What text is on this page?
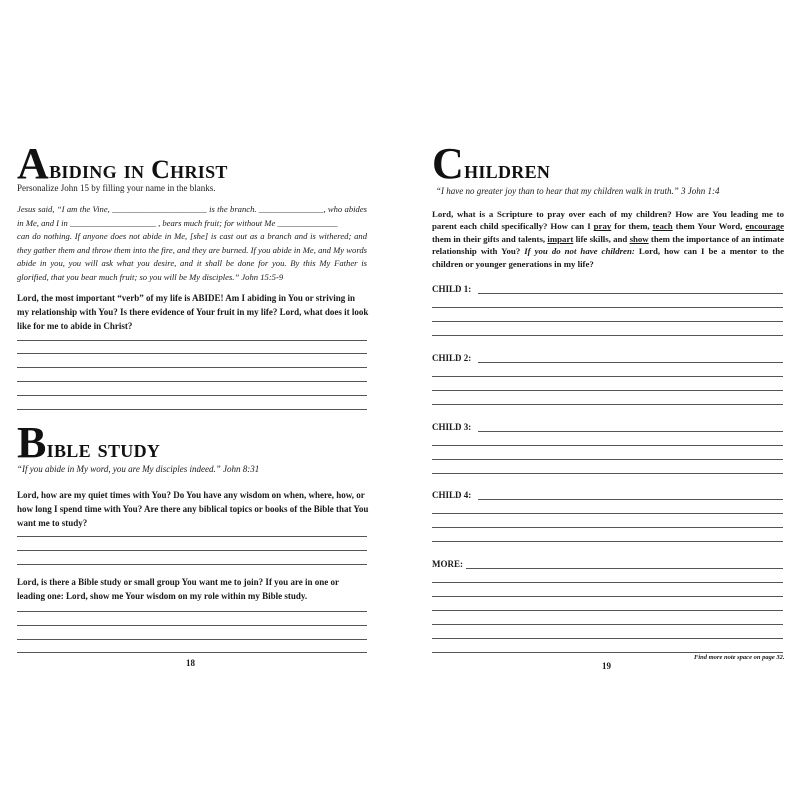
Abiding in Christ

Personalize John 15 by filling your name in the blanks.

Jesus said, “I am the Vine, ______________________ is the branch. _______________, who abides in Me, and I in ____________________ , bears much fruit; for without Me ______________

can do nothing. If anyone does not abide in Me, [she] is cast out as a branch and is withered; and they gather them and throw them into the fire, and they are burned. If you abide in Me, and My words abide in you, you will ask what you desire, and it shall be done for you. By this My Father is glorified, that you bear much fruit; so you will be My disciples.” John 15:5-9

Lord, the most important “verb” of my life is ABIDE! Am I abiding in You or striving in my relationship with You? Is there evidence of Your fruit in my life? Lord, what does it look like for me to abide in Christ?

Bible study

“If you abide in My word, you are My disciples indeed.” John 8:31

Lord, how are my quiet times with You? Do You have any wisdom on when, where, how, or how long I spend time with You? Are there any biblical topics or books of the Bible that You want me to study?

Lord, is there a Bible study or small group You want me to join? If you are in one or leading one: Lord, show me Your wisdom on my role within my Bible study.

18
Children

“I have no greater joy than to hear that my children walk in truth.” 3 John 1:4

Lord, what is a Scripture to pray over each of my children? How are You leading me to parent each child specifically? How can I pray for them, teach them Your Word, encourage them in their gifts and talents, impart life skills, and show them the importance of an intimate relationship with You? If you do not have children: Lord, how can I be a mentor to the children or younger generations in my life?

CHILD 1:
CHILD 2:
CHILD 3:
CHILD 4:
MORE:
Find more note space on page 32.
19
